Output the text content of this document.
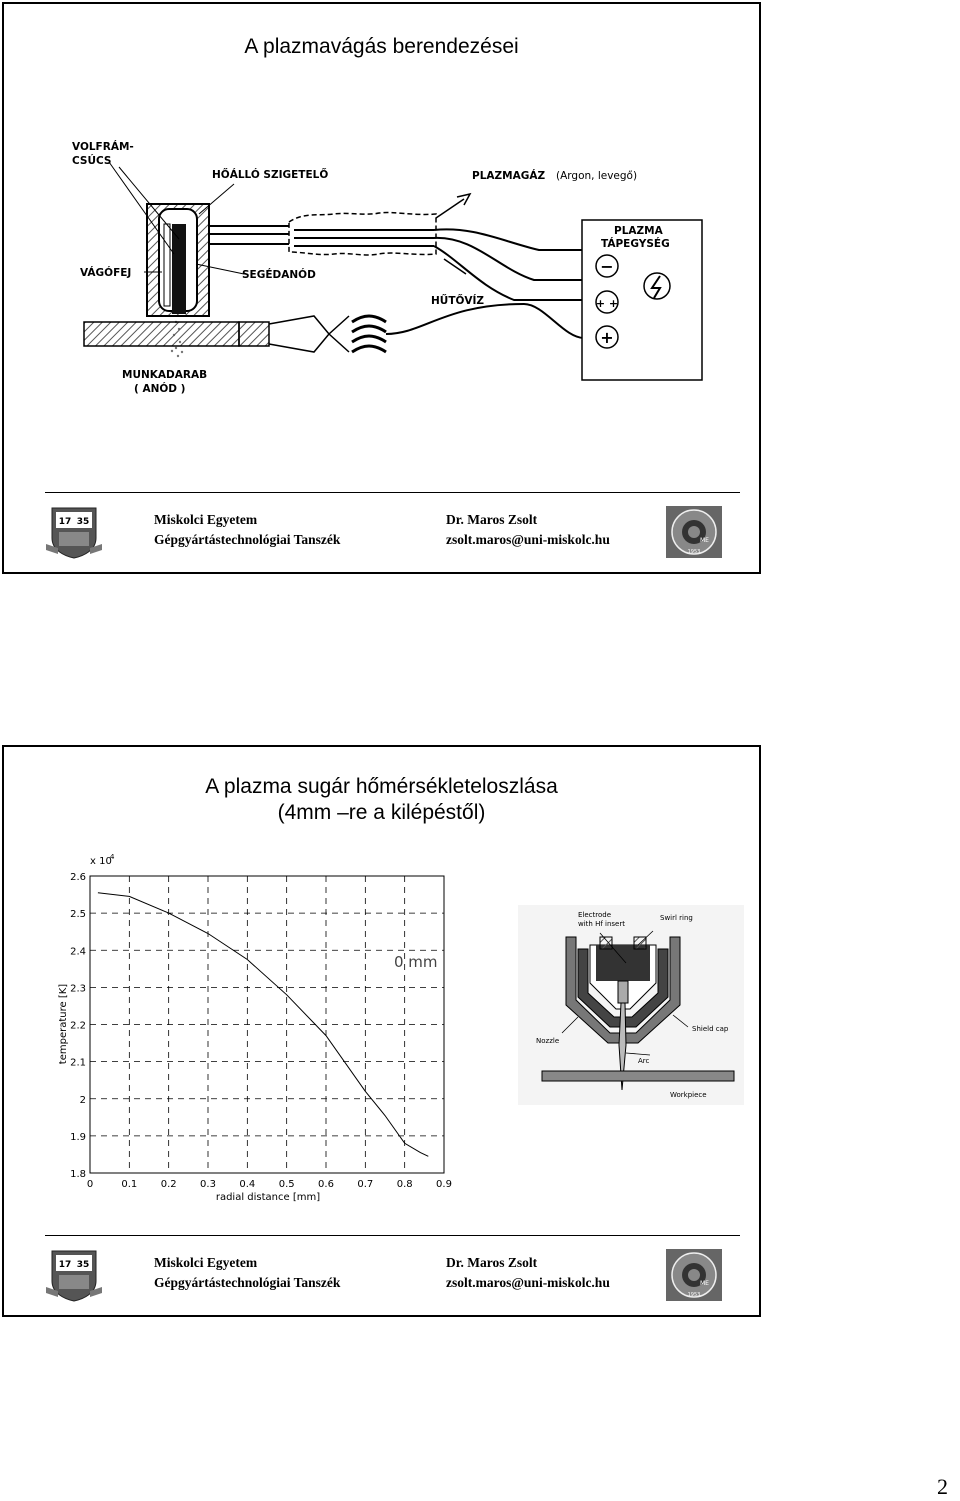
A plazmavágás berendezései
VOLFRÁM-
CSÚCS
HŐÁLLÓ SZIGETELŐ	PLAZMAGÁZ (Argon, levegő)
PLAZMA
TÁPEGYSÉG
VÁGÓFEJ	SEGÉDANÓD
HŰTŐVÍZ
MUNKADARAB
( ANÓD )
−
+ +
+
17 35	Miskolci Egyetem
Gépgyártástechnológiai Tanszék
Dr. Maros Zsolt
zsolt.maros@uni-miskolc.hu	ME
1953
A plazma sugár hőmérsékleteloszlása
(4mm –re a kilépéstől)
0	0.1 0.2 0.3 0.4 0.5 0.6 0.7 0.8 0.9
2.6
2.5
2.4
2.3
2.2
2.1
2
1.9
1.8
x 10
4
0 mm
radial distance [mm]
temperature [K]
Electrode
with Hf insert
Swirl ring
Nozzle
Shield cap
Arc
Workpiece
17 35	Miskolci Egyetem
Gépgyártástechnológiai Tanszék
Dr. Maros Zsolt
zsolt.maros@uni-miskolc.hu	ME
1953
2
